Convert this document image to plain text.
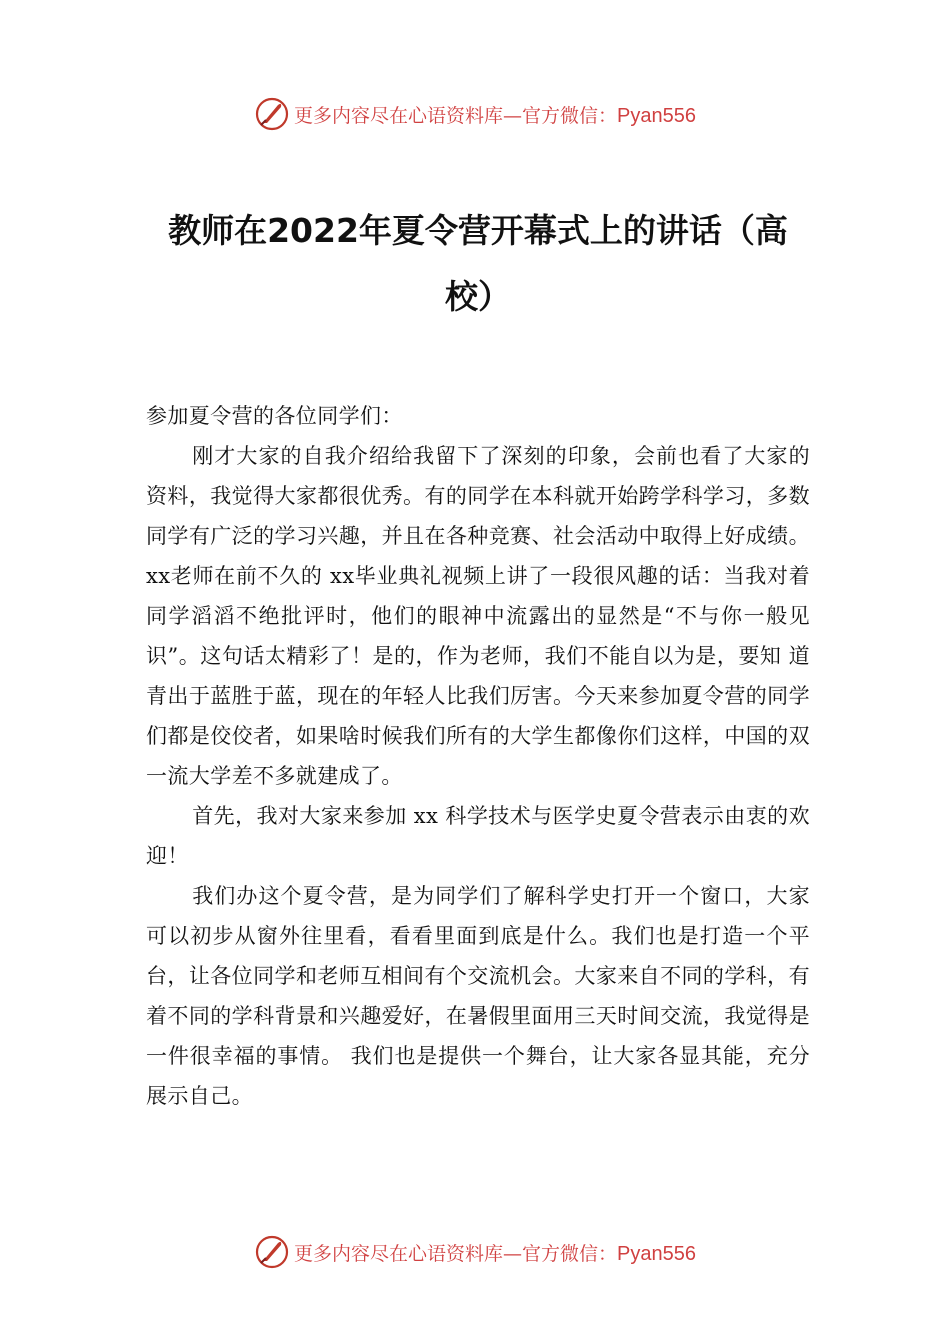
更多内容尽在心语资料库—官方微信：Pyan556
教师在2022年夏令营开幕式上的讲话（高校）

参加夏令营的各位同学们：

刚才大家的自我介绍给我留下了深刻的印象，会前也看了大家的资料，我觉得大家都很优秀。有的同学在本科就开始跨学科学习，多数同学有广泛的学习兴趣，并且在各种竞赛、社会活动中取得上好成绩。xx老师在前不久的 xx毕业典礼视频上讲了一段很风趣的话：当我对着同学滔滔不绝批评时，他们的眼神中流露出的显然是“不与你一般见识”。这句话太精彩了！是的，作为老师，我们不能自以为是，要知 道青出于蓝胜于蓝，现在的年轻人比我们厉害。今天来参加夏令营的同学们都是佼佼者，如果啥时候我们所有的大学生都像你们这样，中国的双一流大学差不多就建成了。

首先，我对大家来参加 xx 科学技术与医学史夏令营表示由衷的欢迎！

我们办这个夏令营，是为同学们了解科学史打开一个窗口，大家可以初步从窗外往里看，看看里面到底是什么。我们也是打造一个平台，让各位同学和老师互相间有个交流机会。大家来自不同的学科，有着不同的学科背景和兴趣爱好，在暑假里面用三天时间交流，我觉得是一件很幸福的事情。 我们也是提供一个舞台，让大家各显其能，充分展示自己。

更多内容尽在心语资料库—官方微信：Pyan556
